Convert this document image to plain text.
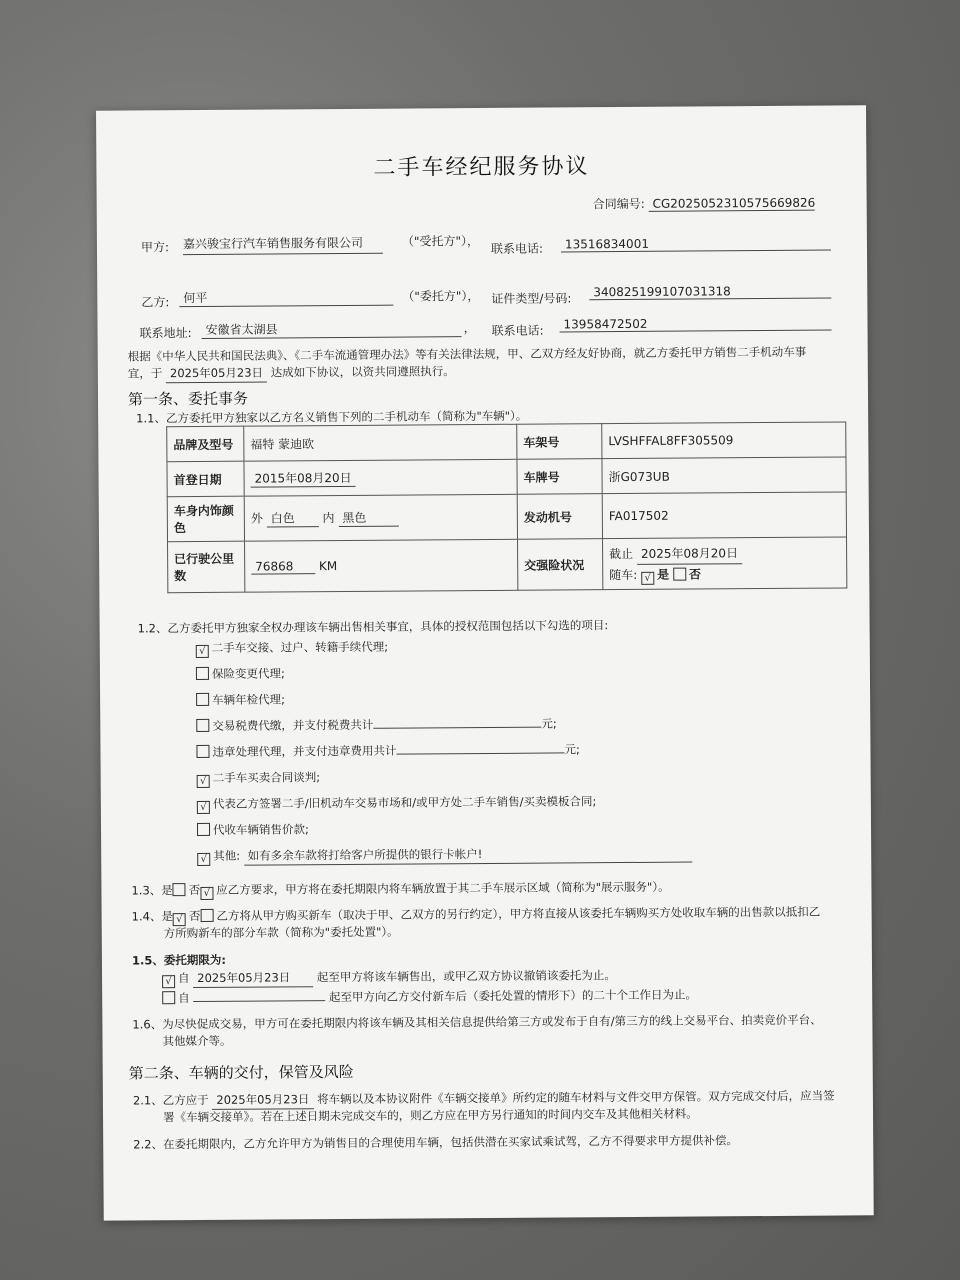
二手车经纪服务协议
合同编号: CG2025052310575669826
甲方: 嘉兴骏宝行汽车销售服务有限公司	（"受托方"），
联系电话:	13516834001
乙方:	何平	（"委托方"）， 证件类型/号码:	340825199107031318
联系地址:	安徽省太湖县	， 联系电话:	13958472502
根据《中华人民共和国民法典》、《二手车流通管理办法》等有关法律法规，甲、乙双方经友好协商，就乙方委托甲方销售二手机动车事
宜，于 2025年05月23日 达成如下协议，以资共同遵照执行。
第一条、委托事务
1.1、乙方委托甲方独家以乙方名义销售下列的二手机动车（简称为"车辆"）。
品牌及型号	福特 蒙迪欧	车架号	LVSHFFAL8FF305509
首登日期	2015年08月20日	车牌号	浙G073UB
车身内饰颜色	外 白色 内 黑色	发动机号	FA017502
已行驶公里数	76868 KM	交强险状况	截止 2025年08月20日
随车: √ 是 否
1.2、乙方委托甲方独家全权办理该车辆出售相关事宜，具体的授权范围包括以下勾选的项目:
√ 二手车交接、过户、转籍手续代理;
保险变更代理;
车辆年检代理;
交易税费代缴，并支付税费共计	元;
违章处理代理，并支付违章费用共计	元;
√ 二手车买卖合同谈判;
√ 代表乙方签署二手/旧机动车交易市场和/或甲方处二手车销售/买卖模板合同;
代收车辆销售价款;
√ 其他: 如有多余车款将打给客户所提供的银行卡帐户!
1.3、是 否 √ 应乙方要求，甲方将在委托期限内将车辆放置于其二手车展示区域（简称为"展示服务"）。
1.4、是 √ 否 乙方将从甲方购买新车（取决于甲、乙双方的另行约定），甲方将直接从该委托车辆购买方处收取车辆的出售款以抵扣乙
方所购新车的部分车款（简称为"委托处置"）。
1.5、委托期限为:
√ 自 2025年05月23日 起至甲方将该车辆售出，或甲乙双方协议撤销该委托为止。
自	起至甲方向乙方交付新车后（委托处置的情形下）的二十个工作日为止。
1.6、为尽快促成交易，甲方可在委托期限内将该车辆及其相关信息提供给第三方或发布于自有/第三方的线上交易平台、拍卖竞价平台、
其他媒介等。
第二条、车辆的交付，保管及风险
2.1、乙方应于 2025年05月23日 将车辆以及本协议附件《车辆交接单》所约定的随车材料与文件交甲方保管。双方完成交付后，应当签
署《车辆交接单》。若在上述日期未完成交车的，则乙方应在甲方另行通知的时间内交车及其他相关材料。
2.2、在委托期限内，乙方允许甲方为销售目的合理使用车辆，包括供潜在买家试乘试驾，乙方不得要求甲方提供补偿。
